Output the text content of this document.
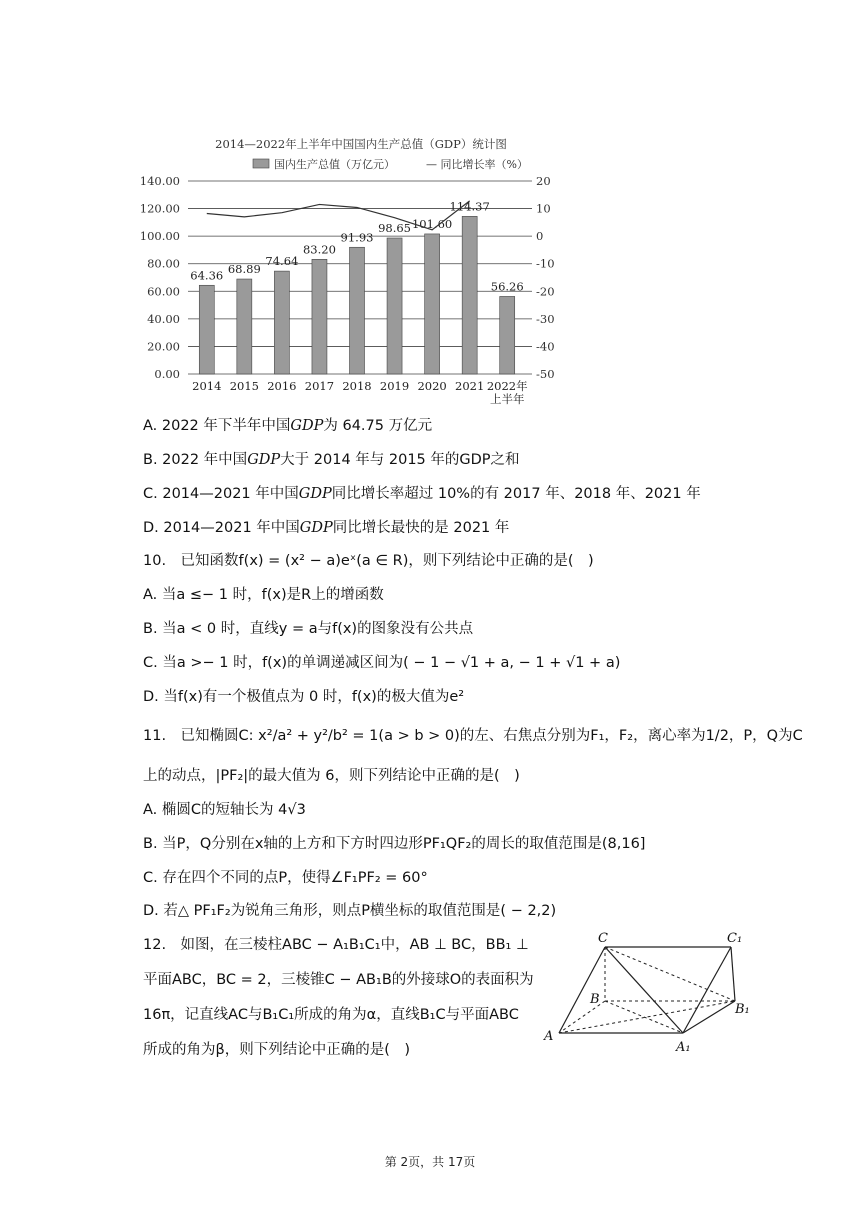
2014—2022年上半年中国国内生产总值（GDP）统计图
国内生产总值（万亿元）	— 同比增长率（%）
64.36 68.89
74.64
83.20
91.93
98.65 101.60
114.37
56.26
0.00
20.00
40.00
60.00
80.00
100.00
120.00
140.00
-50
-40
-30
-20
-10
0
10
20
2014 2015 2016 2017 2018 2019 2020 2021 2022年上半年
A. 2022 年下半年中国GDP为 64.75 万亿元
B. 2022 年中国GDP大于 2014 年与 2015 年的GDP之和
C. 2014—2021 年中国GDP同比增长率超过 10%的有 2017 年、2018 年、2021 年
D. 2014—2021 年中国GDP同比增长最快的是 2021 年
10.　已知函数f(x) = (x² − a)eˣ(a ∈ R)，则下列结论中正确的是(　)
A. 当a ≤− 1 时，f(x)是R上的增函数
B. 当a < 0 时，直线y = a与f(x)的图象没有公共点
C. 当a >− 1 时，f(x)的单调递减区间为( − 1 − √1 + a, − 1 + √1 + a)
D. 当f(x)有一个极值点为 0 时，f(x)的极大值为e²
11.　已知椭圆C: x²/a² + y²/b² = 1(a > b > 0)的左、右焦点分别为F₁，F₂，离心率为1/2，P，Q为C
上的动点，|PF₂|的最大值为 6，则下列结论中正确的是(　)
A. 椭圆C的短轴长为 4√3
B. 当P，Q分别在x轴的上方和下方时四边形PF₁QF₂的周长的取值范围是(8,16]
C. 存在四个不同的点P，使得∠F₁PF₂ = 60°
D. 若△ PF₁F₂为锐角三角形，则点P横坐标的取值范围是( − 2,2)
12.　如图，在三棱柱ABC − A₁B₁C₁中，AB ⊥ BC，BB₁ ⊥
平面ABC，BC = 2，三棱锥C − AB₁B的外接球O的表面积为
16π，记直线AC与B₁C₁所成的角为α，直线B₁C与平面ABC
所成的角为β，则下列结论中正确的是(　)
C	C₁
B
B₁
A
A₁
第 2页，共 17页
